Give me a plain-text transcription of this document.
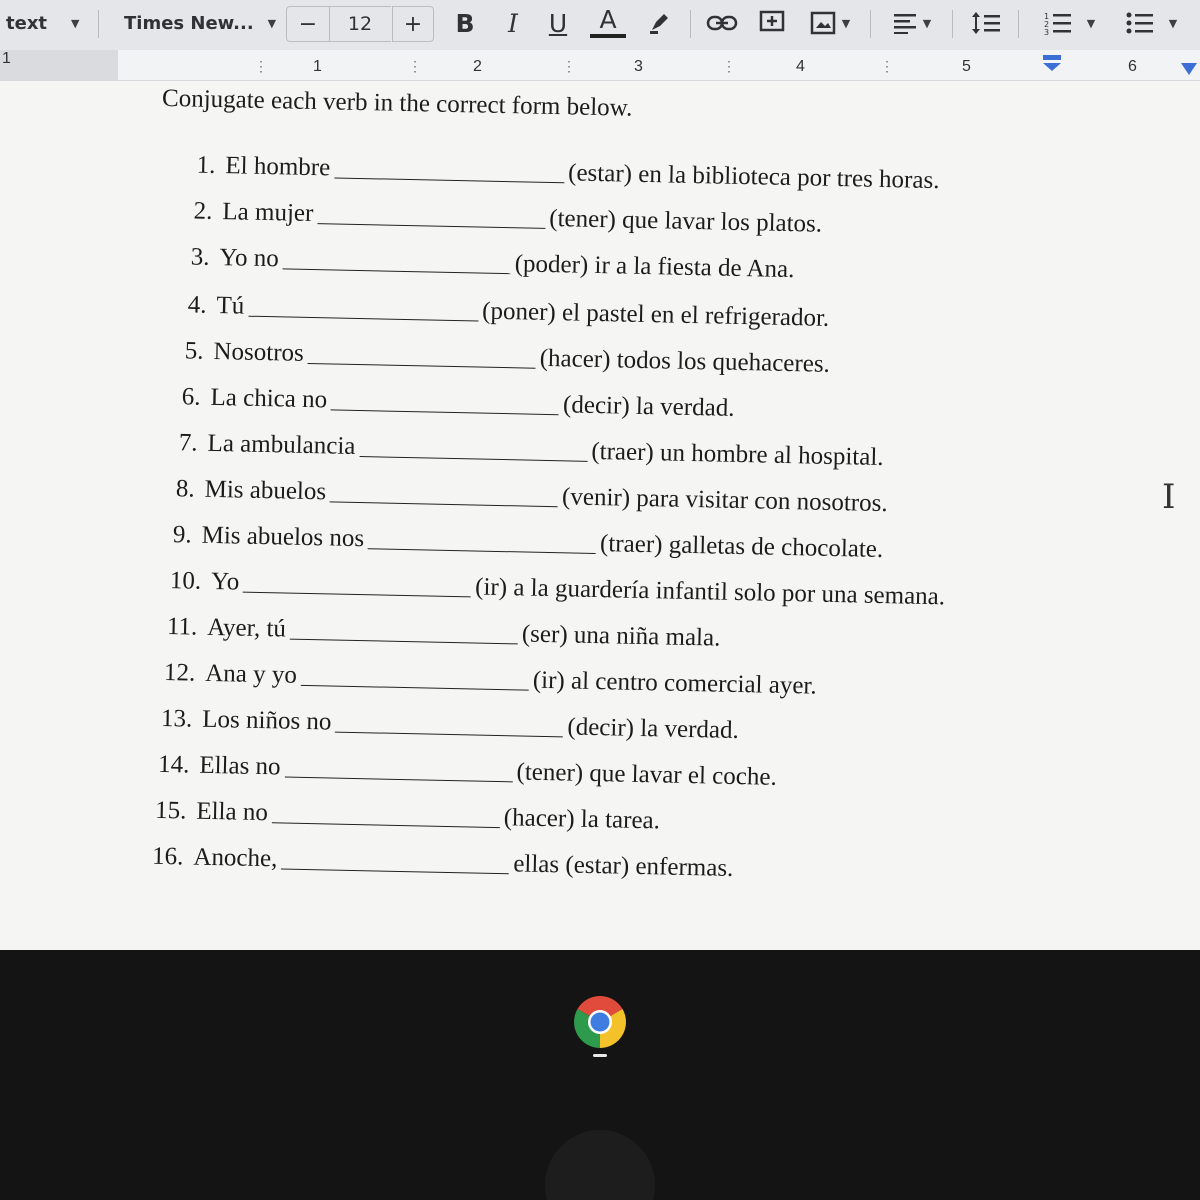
text ▼ Times New... ▼ − 12 + B I U A	▼	▼	1
2
3
▼	▼
1	1	2	3	4	5	6
⋮	⋮	⋮	⋮	⋮
Conjugate each verb in the correct form below.
1. El hombre	(estar) en la biblioteca por tres horas.
2. La mujer	(tener) que lavar los platos.
3. Yo no	(poder) ir a la fiesta de Ana.
4. Tú	(poner) el pastel en el refrigerador.
5. Nosotros	(hacer) todos los quehaceres.
6. La chica no	(decir) la verdad.
7. La ambulancia	(traer) un hombre al hospital.
8. Mis abuelos	(venir) para visitar con nosotros.
9. Mis abuelos nos	(traer) galletas de chocolate.
10. Yo	(ir) a la guardería infantil solo por una semana.
11. Ayer, tú	(ser) una niña mala.
12. Ana y yo	(ir) al centro comercial ayer.
13. Los niños no	(decir) la verdad.
14. Ellas no	(tener) que lavar el coche.
15. Ella no	(hacer) la tarea.
16. Anoche,	ellas (estar) enfermas.
I
